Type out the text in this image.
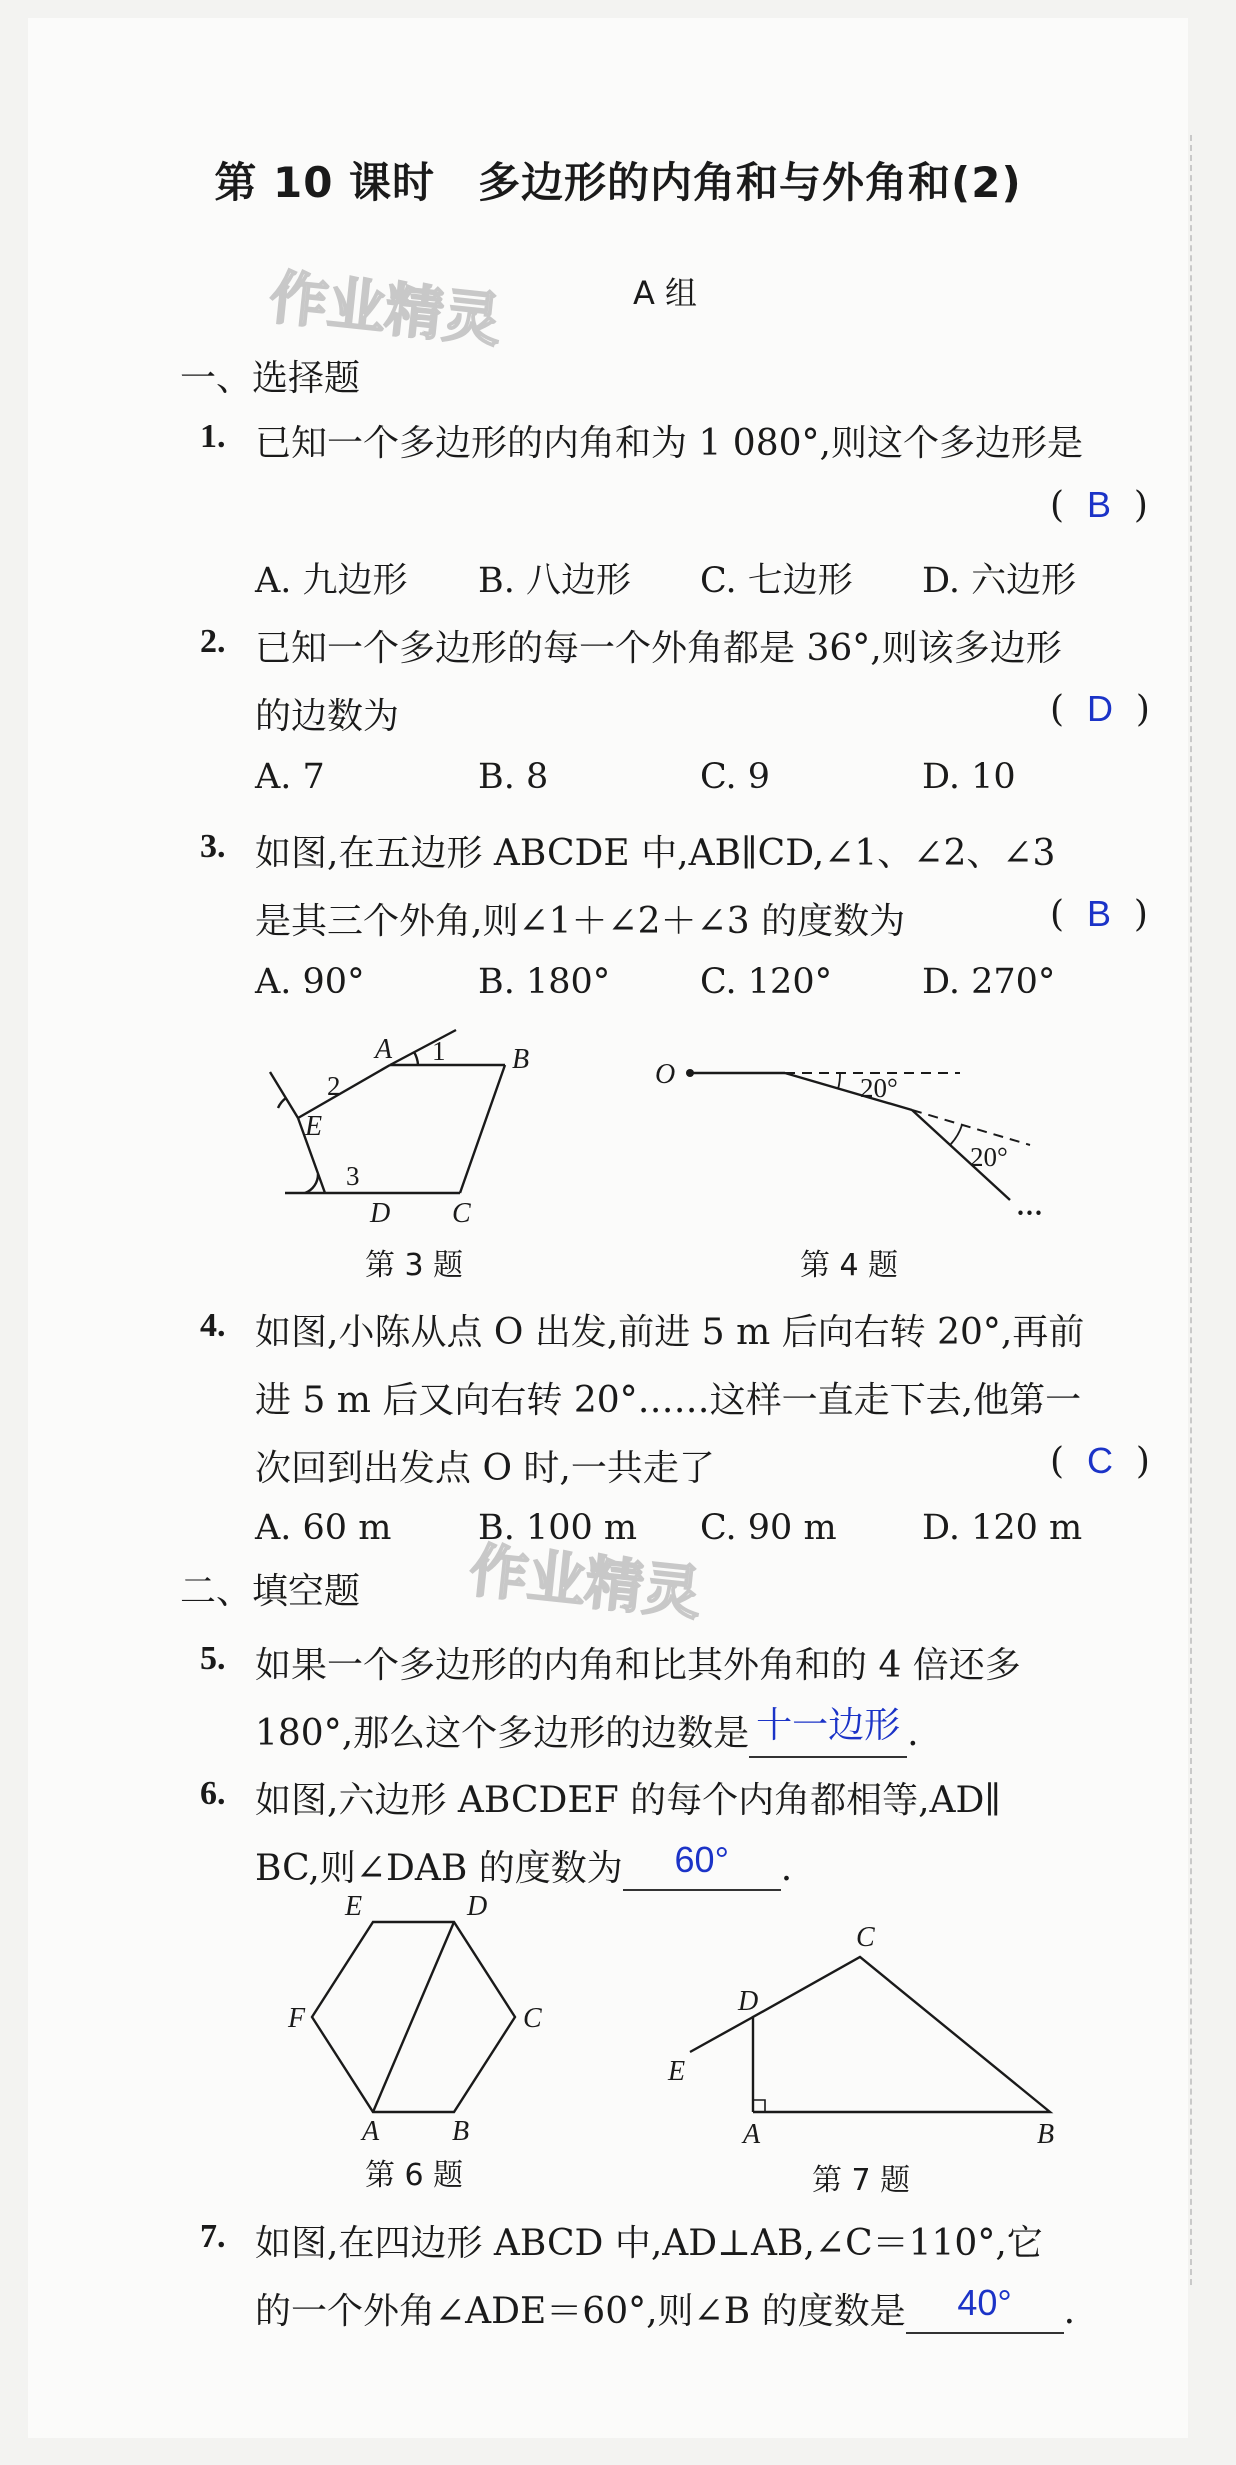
作业精灵
作业精灵
第 10 课时　多边形的内角和与外角和(2)
A 组
一、选择题
1. 已知一个多边形的内角和为 1 080°,则这个多边形是
(  B  )
A. 九边形 B. 八边形 C. 七边形 D. 六边形
2. 已知一个多边形的每一个外角都是 36°,则该多边形
的边数为	(  D  )
A. 7	B. 8	C. 9	D. 10
3. 如图,在五边形 ABCDE 中,AB∥CD,∠1、∠2、∠3
是其三个外角,则∠1＋∠2＋∠3 的度数为	(  B  )
A. 90°	B. 180°	C. 120°	D. 270°
A	B
C
D
E
1
2
3
第 3 题
O	20°
20°
···
第 4 题
4. 如图,小陈从点 O 出发,前进 5 m 后向右转 20°,再前
进 5 m 后又向右转 20°……这样一直走下去,他第一
次回到出发点 O 时,一共走了	(  C  )
A. 60 m B. 100 m C. 90 m D. 120 m
二、填空题
5. 如果一个多边形的内角和比其外角和的 4 倍还多
180°,那么这个多边形的边数是 十一边形 .
6. 如图,六边形 ABCDEF 的每个内角都相等,AD∥
BC,则∠DAB 的度数为 60° .
A	B
C
D
E
F
第 6 题
A	B
C
D
E
第 7 题
7. 如图,在四边形 ABCD 中,AD⊥AB,∠C＝110°,它
的一个外角∠ADE＝60°,则∠B 的度数是 40° .
